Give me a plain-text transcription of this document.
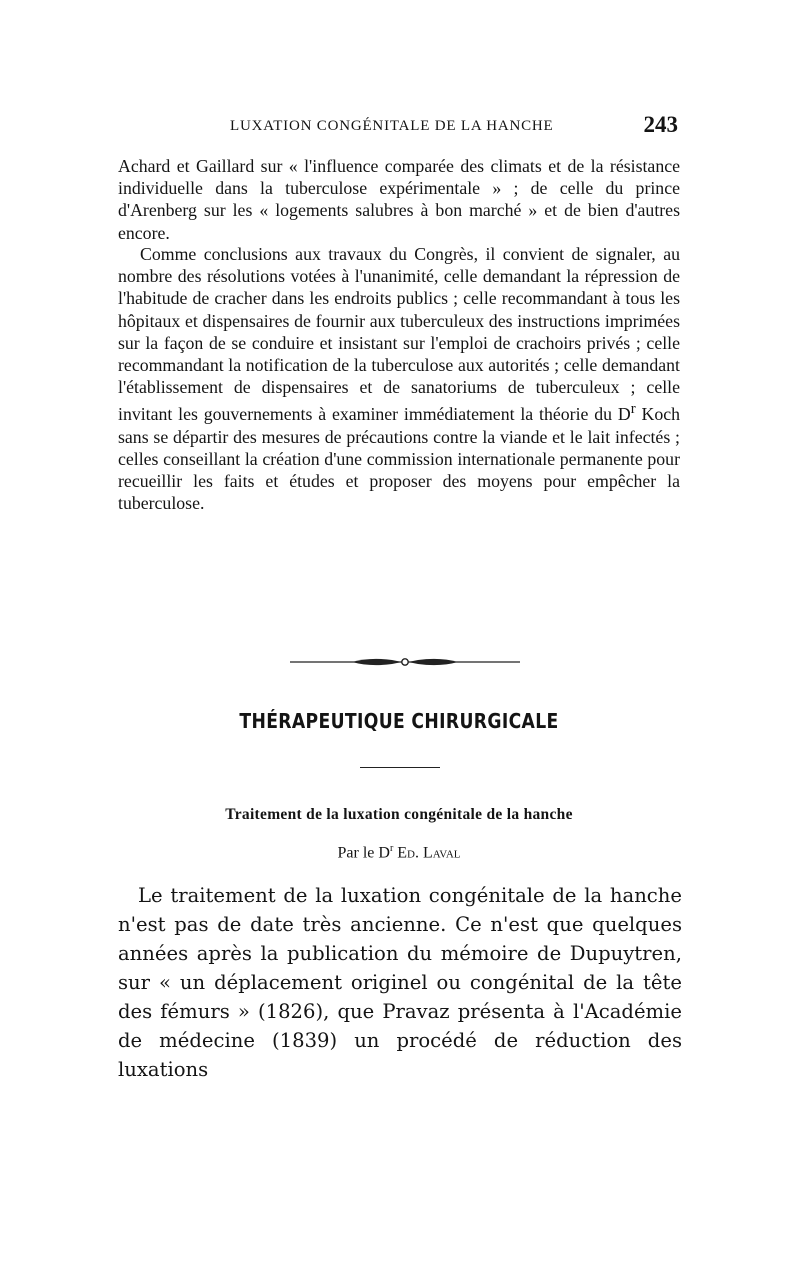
LUXATION CONGÉNITALE DE LA HANCHE	243

Achard et Gaillard sur « l'influence comparée des climats et de la résistance individuelle dans la tuberculose expérimentale » ; de celle du prince d'Arenberg sur les « logements salubres à bon marché » et de bien d'autres encore.

Comme conclusions aux travaux du Congrès, il convient de signaler, au nombre des résolutions votées à l'unanimité, celle demandant la répression de l'habitude de cracher dans les endroits publics ; celle recommandant à tous les hôpitaux et dispensaires de fournir aux tuberculeux des instructions imprimées sur la façon de se conduire et insistant sur l'emploi de crachoirs privés ; celle recommandant la notification de la tuberculose aux autorités ; celle demandant l'établissement de dispensaires et de sanatoriums de tuberculeux ; celle invitant les gouvernements à examiner immédiatement la théorie du $D^r$ Koch sans se départir des mesures de précautions contre la viande et le lait infectés ; celles conseillant la création d'une commission internationale permanente pour recueillir les faits et études et proposer des moyens pour empêcher la tuberculose.

THÉRAPEUTIQUE CHIRURGICALE
Traitement de la luxation congénitale de la hanche
Par le $D^r$ Ed. Laval

Le traitement de la luxation congénitale de la hanche n'est pas de date très ancienne. Ce n'est que quelques années après la publication du mémoire de Dupuytren, sur « un déplacement originel ou congénital de la tête des fémurs » (1826), que Pravaz présenta à l'Académie de médecine (1839) un procédé de réduction des luxations
